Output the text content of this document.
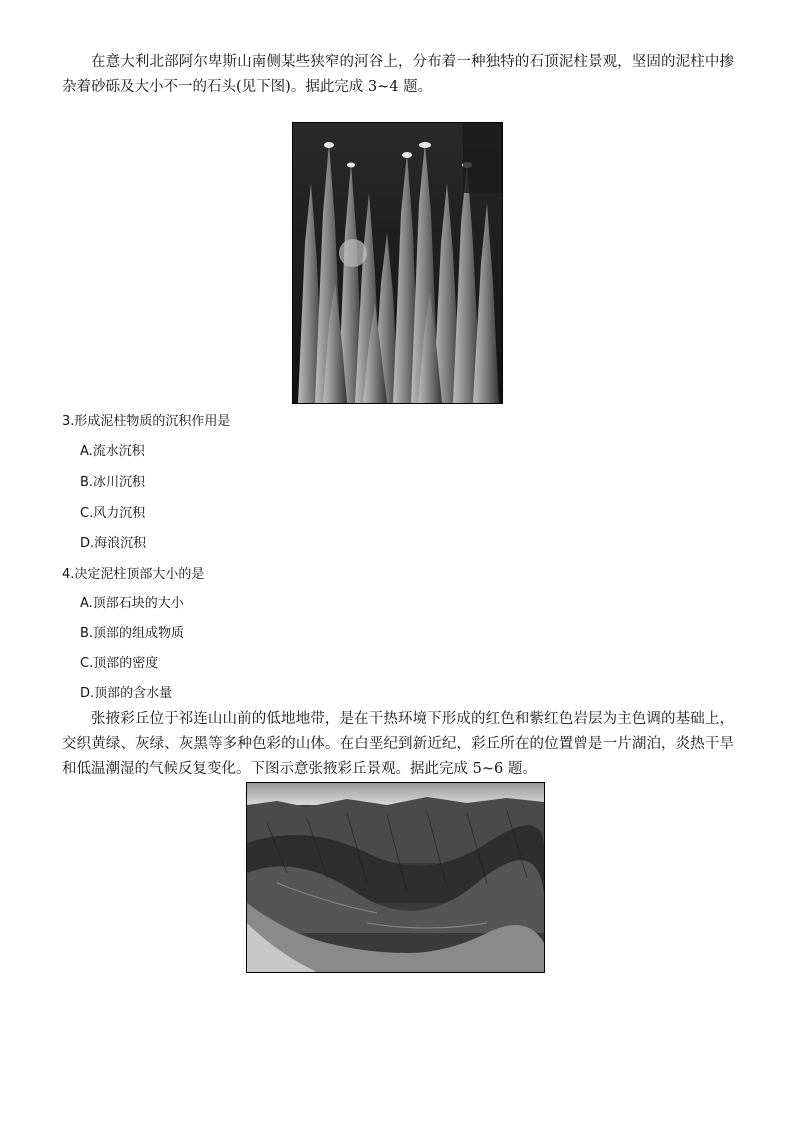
在意大利北部阿尔卑斯山南侧某些狭窄的河谷上，分布着一种独特的石顶泥柱景观，坚固的泥柱中掺杂着砂砾及大小不一的石头(见下图)。据此完成 3~4 题。

3.形成泥柱物质的沉积作用是
A.流水沉积
B.冰川沉积
C.风力沉积
D.海浪沉积
4.决定泥柱顶部大小的是
A.顶部石块的大小
B.顶部的组成物质
C.顶部的密度
D.顶部的含水量

张掖彩丘位于祁连山山前的低地地带，是在干热环境下形成的红色和紫红色岩层为主色调的基础上，交织黄绿、灰绿、灰黑等多种色彩的山体。在白垩纪到新近纪，彩丘所在的位置曾是一片湖泊，炎热干旱和低温潮湿的气候反复变化。下图示意张掖彩丘景观。据此完成 5~6 题。
